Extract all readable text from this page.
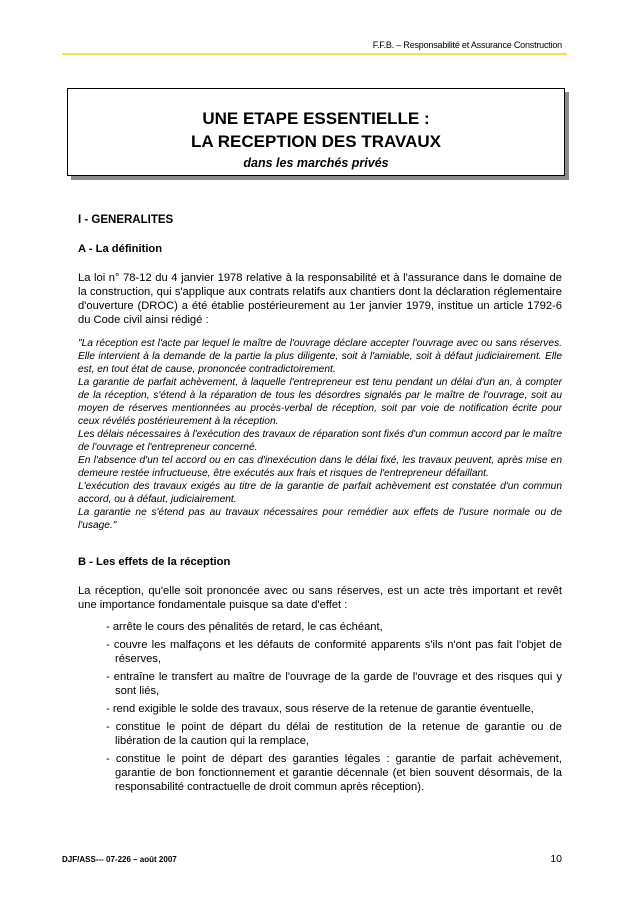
F.F.B. – Responsabilité et Assurance Construction
UNE ETAPE ESSENTIELLE :
LA RECEPTION DES TRAVAUX
dans les marchés privés
I - GENERALITES
A - La définition

La loi n° 78-12 du 4 janvier 1978 relative à la responsabilité et à l'assurance dans le domaine de la construction, qui s'applique aux contrats relatifs aux chantiers dont la déclaration réglementaire d'ouverture (DROC) a été établie postérieurement au 1er janvier 1979, institue un article 1792-6 du Code civil ainsi rédigé :

"La réception est l'acte par lequel le maître de l'ouvrage déclare accepter l'ouvrage avec ou sans réserves. Elle intervient à la demande de la partie la plus diligente, soit à l'amiable, soit à défaut judiciairement. Elle est, en tout état de cause, prononcée contradictoirement.

La garantie de parfait achèvement, à laquelle l'entrepreneur est tenu pendant un délai d'un an, à compter de la réception, s'étend à la réparation de tous les désordres signalés par le maître de l'ouvrage, soit au moyen de réserves mentionnées au procès-verbal de réception, soit par voie de notification écrite pour ceux révélés postérieurement à la réception.

Les délais nécessaires à l'exécution des travaux de réparation sont fixés d'un commun accord par le maître de l'ouvrage et l'entrepreneur concerné.

En l'absence d'un tel accord ou en cas d'inexécution dans le délai fixé, les travaux peuvent, après mise en demeure restée infructueuse, être exécutés aux frais et risques de l'entrepreneur défaillant.

L'exécution des travaux exigés au titre de la garantie de parfait achèvement est constatée d'un commun accord, ou à défaut, judiciairement.

La garantie ne s'étend pas au travaux nécessaires pour remédier aux effets de l'usure normale ou de l'usage."

B - Les effets de la réception

La réception, qu'elle soit prononcée avec ou sans réserves, est un acte très important et revêt une importance fondamentale puisque sa date d'effet :

- arrête le cours des pénalités de retard, le cas échéant,
- couvre les malfaçons et les défauts de conformité apparents s'ils n'ont pas fait l'objet de réserves,
- entraîne le transfert au maître de l'ouvrage de la garde de l'ouvrage et des risques qui y sont liés,
- rend exigible le solde des travaux, sous réserve de la retenue de garantie éventuelle,
- constitue le point de départ du délai de restitution de la retenue de garantie ou de libération de la caution qui la remplace,
- constitue le point de départ des garanties légales : garantie de parfait achèvement, garantie de bon fonctionnement et garantie décennale (et bien souvent désormais, de la responsabilité contractuelle de droit commun après réception).
DJF/ASS--- 07-226 – août 2007	10
